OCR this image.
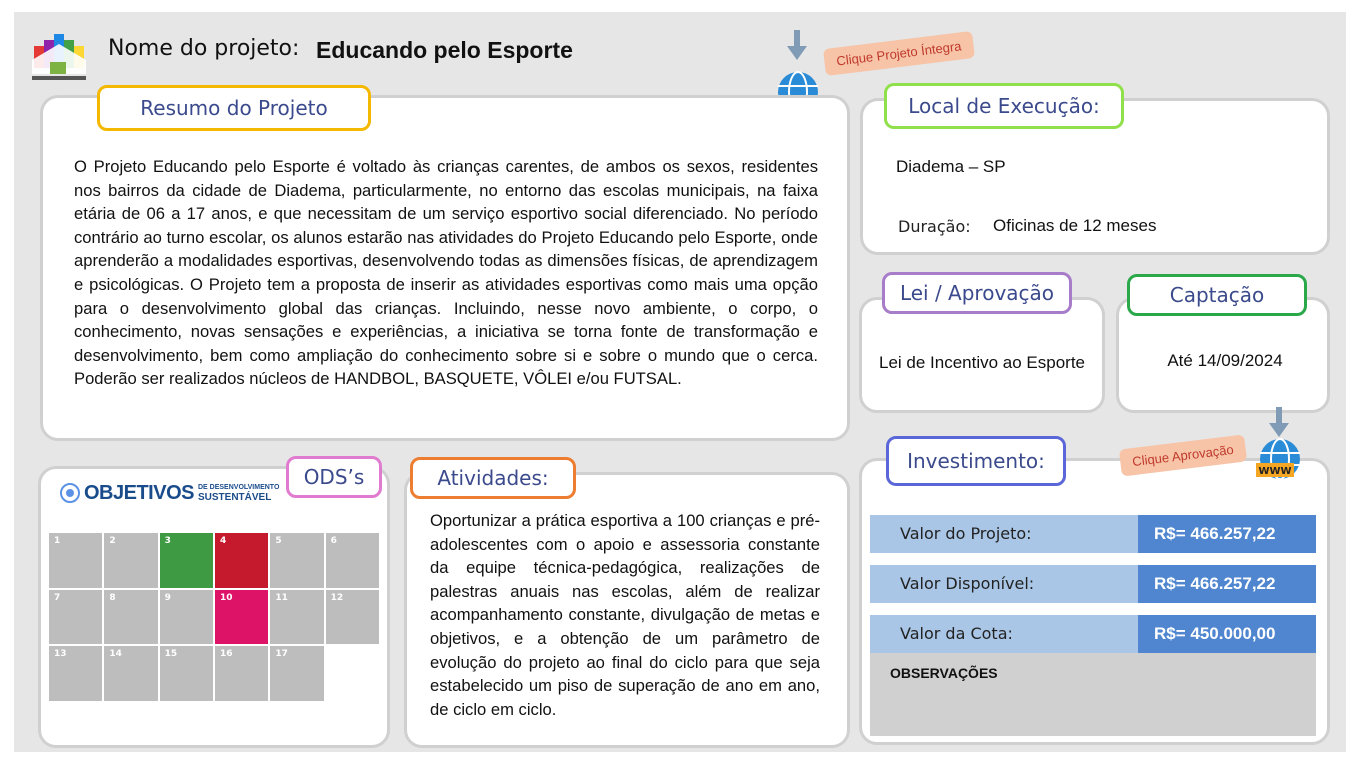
Nome do projeto: Educando pelo Esporte	Clique Projeto Íntegra
Resumo do Projeto
O Projeto Educando pelo Esporte é voltado às crianças carentes, de ambos os sexos, residentes nos bairros da cidade de Diadema, particularmente, no entorno das escolas municipais, na faixa etária de 06 a 17 anos, e que necessitam de um serviço esportivo social diferenciado. No período contrário ao turno escolar, os alunos estarão nas atividades do Projeto Educando pelo Esporte, onde aprenderão a modalidades esportivas, desenvolvendo todas as dimensões físicas, de aprendizagem e psicológicas. O Projeto tem a proposta de inserir as atividades esportivas como mais uma opção para o desenvolvimento global das crianças. Incluindo, nesse novo ambiente, o corpo, o conhecimento, novas sensações e experiências, a iniciativa se torna fonte de transformação e desenvolvimento, bem como ampliação do conhecimento sobre si e sobre o mundo que o cerca. Poderão ser realizados núcleos de HANDBOL, BASQUETE, VÔLEI e/ou FUTSAL.
Local de Execução:
Diadema – SP
Duração: Oficinas de 12 meses
Lei / Aprovação
Lei de Incentivo ao Esporte
Captação
Até 14/09/2024
Investimento:	WWW
Clique Aprovação
Valor do Projeto:	R$= 466.257,22
Valor Disponível:	R$= 466.257,22
Valor da Cota:	R$= 450.000,00
OBSERVAÇÕES
ODS’s
OBJETIVOS DE DESENVOLVIMENTO
SUSTENTÁVEL
1	2	3	4	5	6
7	8	9	10	11	12
13	14	15	16	17
Atividades:
Oportunizar a prática esportiva a 100 crianças e pré-adolescentes com o apoio e assessoria constante da equipe técnica-pedagógica, realizações de palestras anuais nas escolas, além de realizar acompanhamento constante, divulgação de metas e objetivos, e a obtenção de um parâmetro de evolução do projeto ao final do ciclo para que seja estabelecido um piso de superação de ano em ano, de ciclo em ciclo.
